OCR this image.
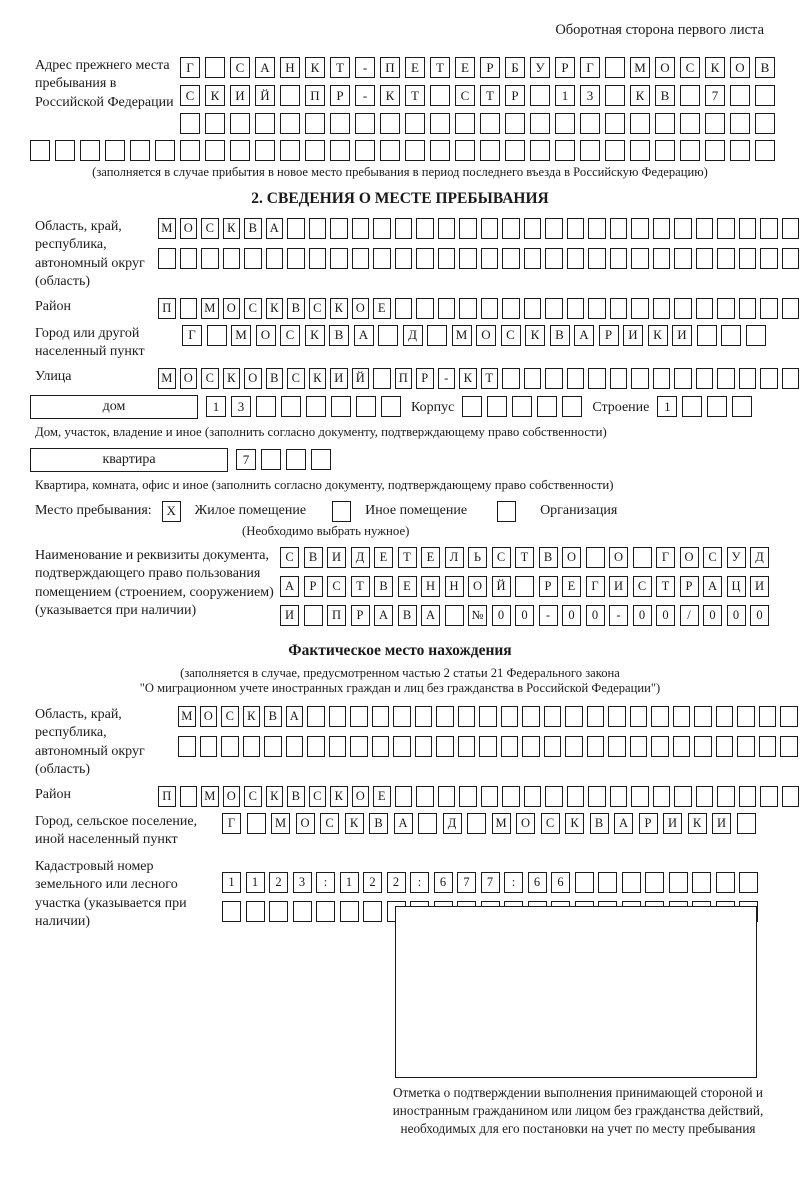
Оборотная сторона первого листа
Адрес прежнего места пребывания в Российской Федерации
Г	С	А	Н	К	Т	-	П	Е	Т	Е	Р	Б	У	Р	Г	М	О	С	К	О	В
С	К	И	Й	П	Р	-	К	Т	С	Т	Р	1	3	К	В	7
(заполняется в случае прибытия в новое место пребывания в период последнего въезда в Российскую Федерацию)
2. СВЕДЕНИЯ О МЕСТЕ ПРЕБЫВАНИЯ
Область, край, республика, автономный округ (область)
М О	С	К	В	А
Район	П	М О	С	К	В	С	К	О	Е
Город или другой населенный пункт
Г	М	О	С	К	В	А	Д	М	О	С	К	В	А	Р	И	К	И
Улица	М О	С	К	О	В	С	К	И Й	П	Р	-	К	Т
дом	1	3	Корпус	Строение	1
Дом, участок, владение и иное (заполнить согласно документу, подтверждающему право собственности)
квартира	7
Квартира, комната, офис и иное (заполнить согласно документу, подтверждающему право собственности)
Место пребывания:	X	Жилое помещение	Иное помещение	Организация
(Необходимо выбрать нужное)
Наименование и реквизиты документа, подтверждающего право пользования помещением (строением, сооружением) (указывается при наличии)
С	В	И	Д	Е	Т	Е	Л	Ь	С	Т	В	О	О	Г	О	С	У	Д
А	Р	С	Т	В	Е	Н	Н	О	Й	Р	Е	Г	И	С	Т	Р	А	Ц	И
И	П	Р	А	В	А	№	0	0	-	0	0	-	0	0	/	0	0	0
Фактическое место нахождения
(заполняется в случае, предусмотренном частью 2 статьи 21 Федерального закона
"О миграционном учете иностранных граждан и лиц без гражданства в Российской Федерации")
Область, край, республика, автономный округ (область)
М О	С	К	В	А
Район	П	М О	С	К	В	С	К	О	Е
Город, сельское поселение, иной населенный пункт
Г	М	О	С	К	В	А	Д	М	О	С	К	В	А	Р	И	К	И
Кадастровый номер земельного или лесного участка (указывается при наличии)
1	1	2	3	:	1	2	2	:	6	7	7	:	6	6
Отметка о подтверждении выполнения принимающей стороной и иностранным гражданином или лицом без гражданства действий, необходимых для его постановки на учет по месту пребывания
